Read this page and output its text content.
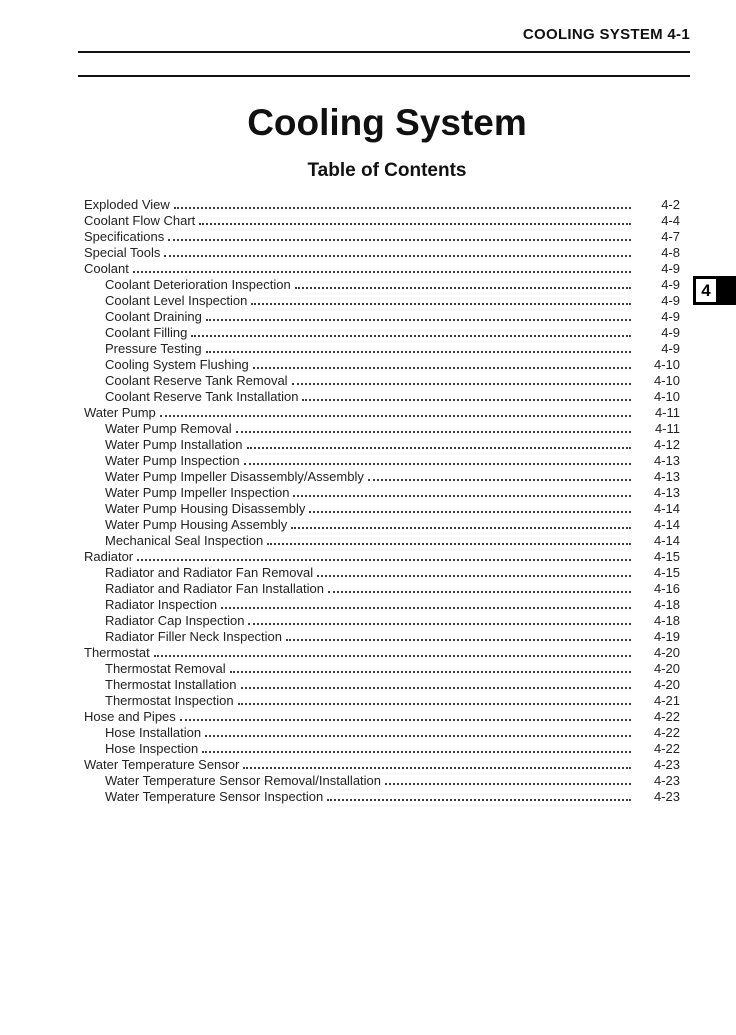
COOLING SYSTEM 4-1
Cooling System
Table of Contents
Exploded View	4-2
Coolant Flow Chart	4-4
Specifications	4-7
Special Tools	4-8
Coolant	4-9
Coolant Deterioration Inspection	4-9
Coolant Level Inspection	4-9
Coolant Draining	4-9
Coolant Filling	4-9
Pressure Testing	4-9
Cooling System Flushing	4-10
Coolant Reserve Tank Removal	4-10
Coolant Reserve Tank Installation	4-10
Water Pump	4-11
Water Pump Removal	4-11
Water Pump Installation	4-12
Water Pump Inspection	4-13
Water Pump Impeller Disassembly/Assembly	4-13
Water Pump Impeller Inspection	4-13
Water Pump Housing Disassembly	4-14
Water Pump Housing Assembly	4-14
Mechanical Seal Inspection	4-14
Radiator	4-15
Radiator and Radiator Fan Removal	4-15
Radiator and Radiator Fan Installation	4-16
Radiator Inspection	4-18
Radiator Cap Inspection	4-18
Radiator Filler Neck Inspection	4-19
Thermostat	4-20
Thermostat Removal	4-20
Thermostat Installation	4-20
Thermostat Inspection	4-21
Hose and Pipes	4-22
Hose Installation	4-22
Hose Inspection	4-22
Water Temperature Sensor	4-23
Water Temperature Sensor Removal/Installation	4-23
Water Temperature Sensor Inspection	4-23
4
